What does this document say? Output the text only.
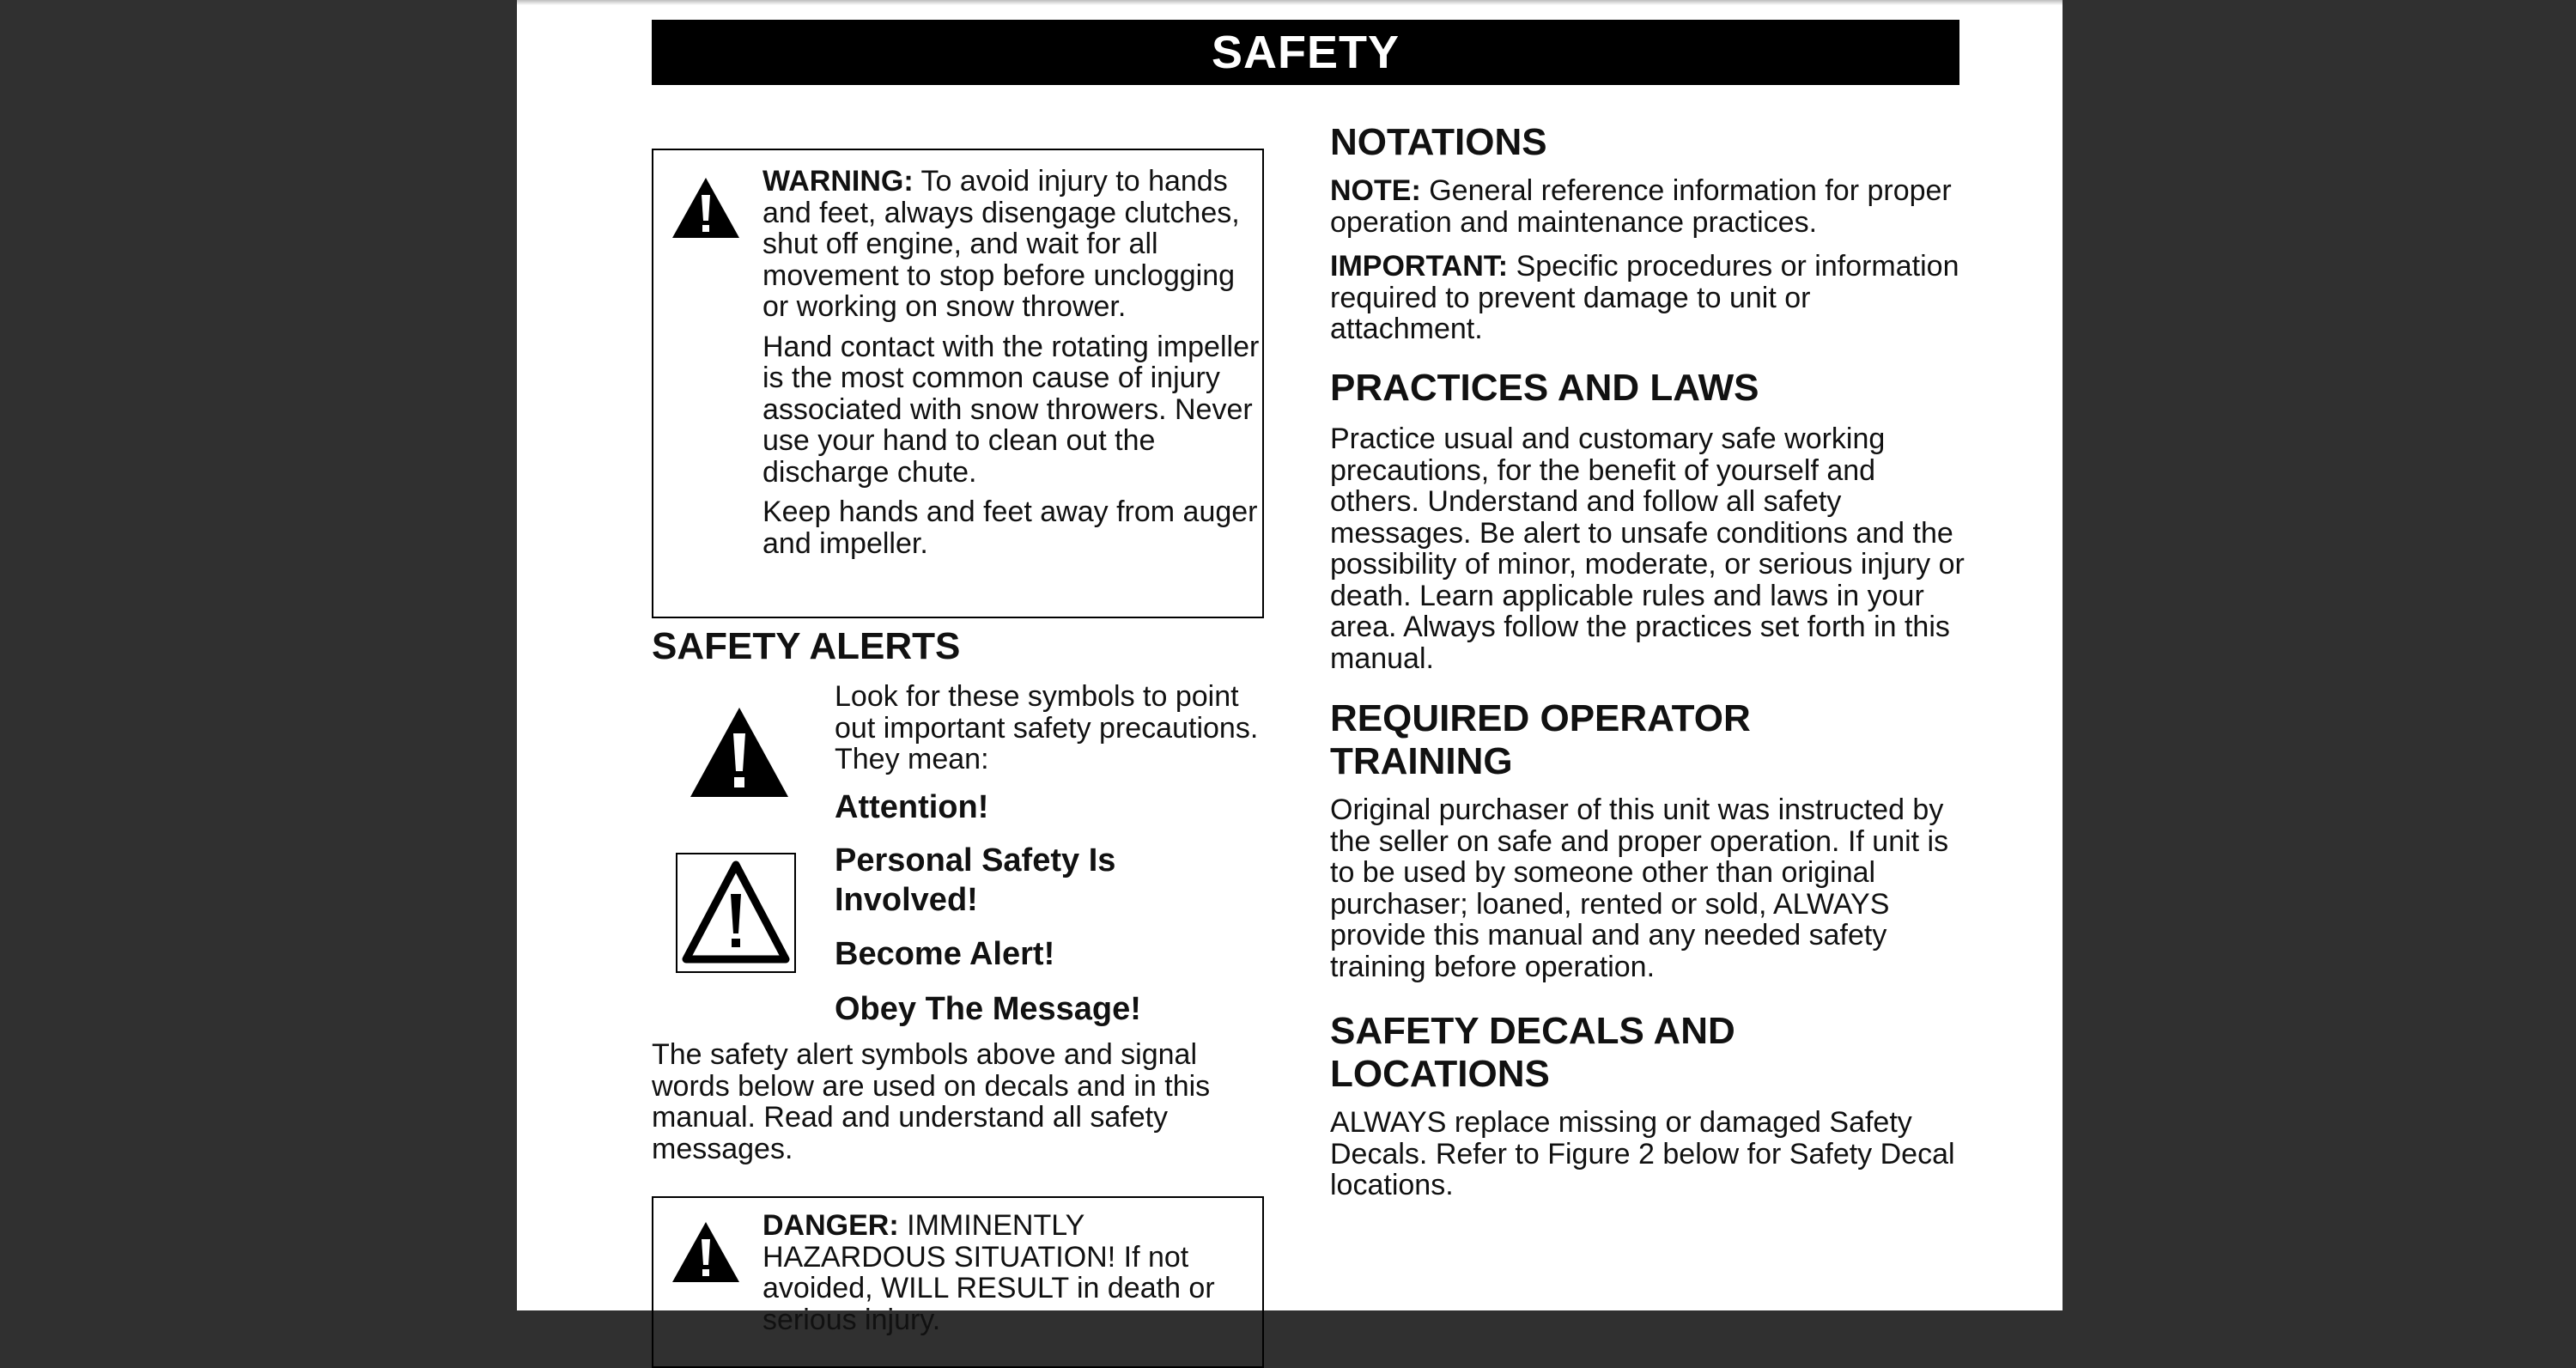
SAFETY

WARNING: To avoid injury to hands and feet, always disengage clutches, shut off engine, and wait for all movement to stop before unclogging or working on snow thrower.

Hand contact with the rotating impeller is the most common cause of injury associated with snow throwers. Never use your hand to clean out the discharge chute.

Keep hands and feet away from auger and impeller.

SAFETY ALERTS

Look for these symbols to point out important safety precautions. They mean:

Attention!
Personal Safety Is Involved!
Become Alert!
Obey The Message!

The safety alert symbols above and signal words below are used on decals and in this manual. Read and understand all safety messages.

DANGER: IMMINENTLY HAZARDOUS SITUATION! If not avoided, WILL RESULT in death or serious injury.

NOTATIONS

NOTE: General reference information for proper operation and maintenance practices.

IMPORTANT: Specific procedures or information required to prevent damage to unit or attachment.

PRACTICES AND LAWS

Practice usual and customary safe working precautions, for the benefit of yourself and others. Understand and follow all safety messages. Be alert to unsafe conditions and the possibility of minor, moderate, or serious injury or death. Learn applicable rules and laws in your area. Always follow the practices set forth in this manual.

REQUIRED OPERATOR TRAINING

Original purchaser of this unit was instructed by the seller on safe and proper operation. If unit is to be used by someone other than original purchaser; loaned, rented or sold, ALWAYS provide this manual and any needed safety training before operation.

SAFETY DECALS AND LOCATIONS

ALWAYS replace missing or damaged Safety Decals. Refer to Figure 2 below for Safety Decal locations.
